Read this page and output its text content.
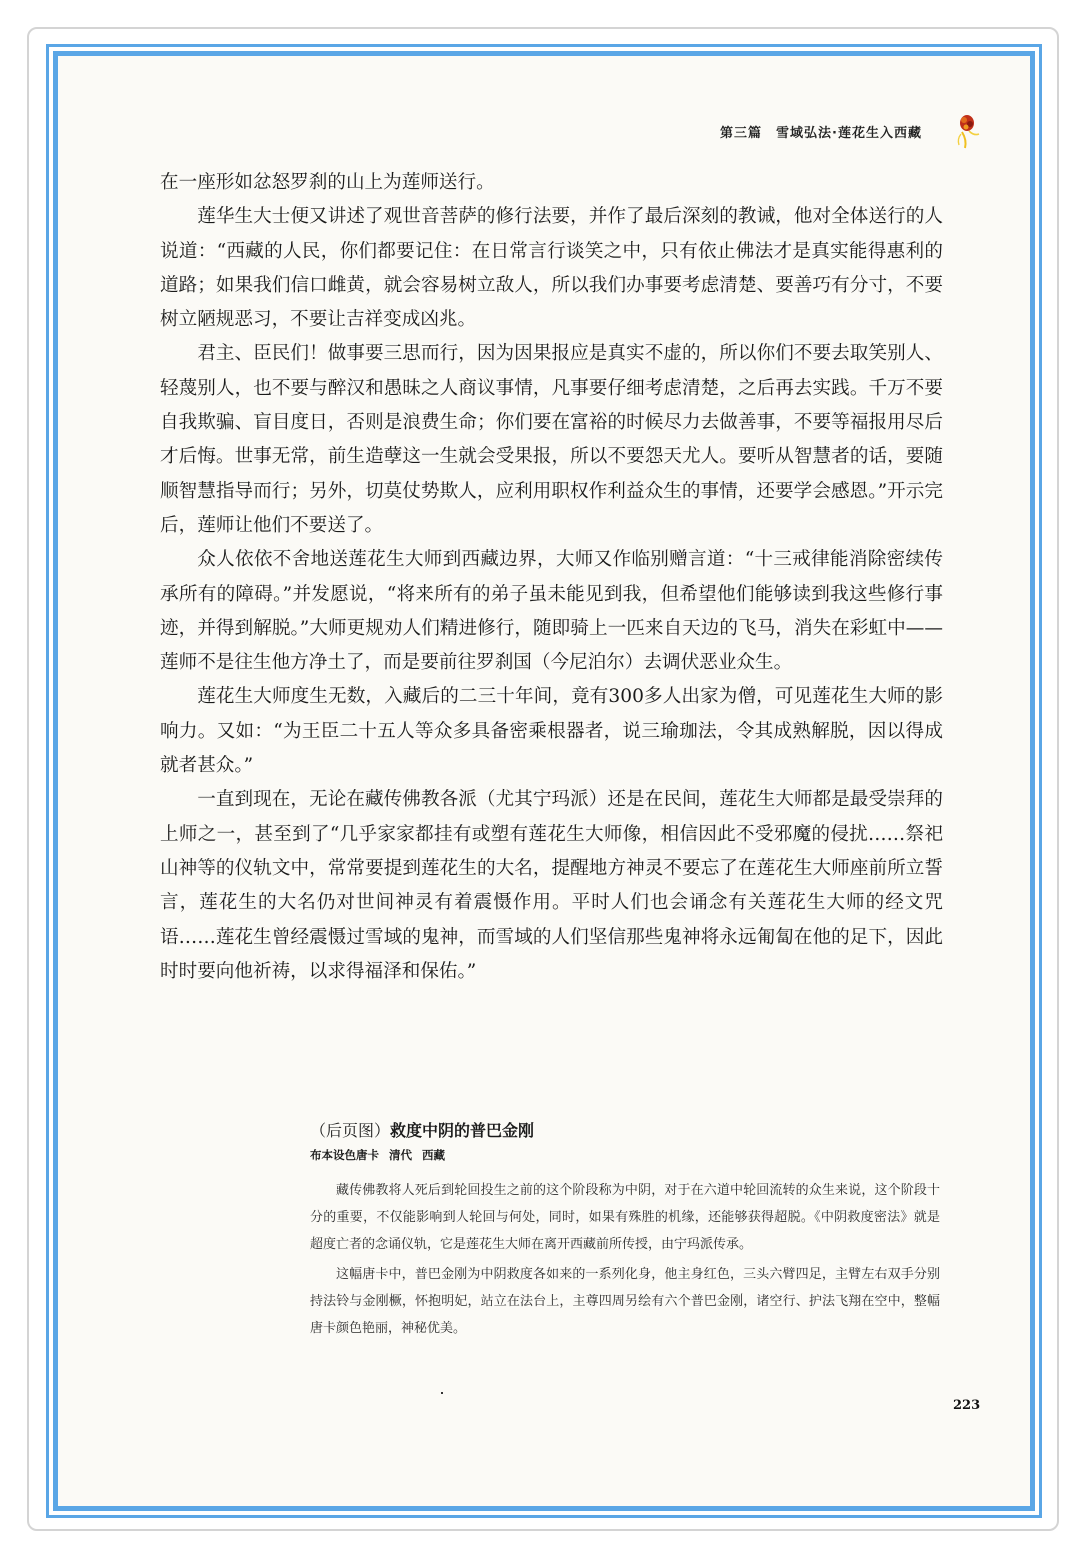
第三篇 雪域弘法·莲花生入西藏

在一座形如忿怒罗刹的山上为莲师送行。

莲华生大士便又讲述了观世音菩萨的修行法要，并作了最后深刻的教诫，他对全体送行的人说道：“西藏的人民，你们都要记住：在日常言行谈笑之中，只有依止佛法才是真实能得惠利的道路；如果我们信口雌黄，就会容易树立敌人，所以我们办事要考虑清楚、要善巧有分寸，不要树立陋规恶习，不要让吉祥变成凶兆。

君主、臣民们！做事要三思而行，因为因果报应是真实不虚的，所以你们不要去取笑别人、轻蔑别人，也不要与醉汉和愚昧之人商议事情，凡事要仔细考虑清楚，之后再去实践。千万不要自我欺骗、盲目度日，否则是浪费生命；你们要在富裕的时候尽力去做善事，不要等福报用尽后才后悔。世事无常，前生造孽这一生就会受果报，所以不要怨天尤人。要听从智慧者的话，要随顺智慧指导而行；另外，切莫仗势欺人，应利用职权作利益众生的事情，还要学会感恩。”开示完后，莲师让他们不要送了。

众人依依不舍地送莲花生大师到西藏边界，大师又作临别赠言道：“十三戒律能消除密续传承所有的障碍。”并发愿说，“将来所有的弟子虽未能见到我，但希望他们能够读到我这些修行事迹，并得到解脱。”大师更规劝人们精进修行，随即骑上一匹来自天边的飞马，消失在彩虹中——莲师不是往生他方净土了，而是要前往罗刹国（今尼泊尔）去调伏恶业众生。

莲花生大师度生无数，入藏后的二三十年间，竟有300多人出家为僧，可见莲花生大师的影响力。又如：“为王臣二十五人等众多具备密乘根器者，说三瑜珈法，令其成熟解脱，因以得成就者甚众。”

一直到现在，无论在藏传佛教各派（尤其宁玛派）还是在民间，莲花生大师都是最受崇拜的上师之一，甚至到了“几乎家家都挂有或塑有莲花生大师像，相信因此不受邪魔的侵扰……祭祀山神等的仪轨文中，常常要提到莲花生的大名，提醒地方神灵不要忘了在莲花生大师座前所立誓言，莲花生的大名仍对世间神灵有着震慑作用。平时人们也会诵念有关莲花生大师的经文咒语……莲花生曾经震慑过雪域的鬼神，而雪域的人们坚信那些鬼神将永远匍匐在他的足下，因此时时要向他祈祷，以求得福泽和保佑。”

（后页图）救度中阴的普巴金刚
布本设色唐卡 清代 西藏

藏传佛教将人死后到轮回投生之前的这个阶段称为中阴，对于在六道中轮回流转的众生来说，这个阶段十分的重要，不仅能影响到人轮回与何处，同时，如果有殊胜的机缘，还能够获得超脱。《中阴救度密法》就是超度亡者的念诵仪轨，它是莲花生大师在离开西藏前所传授，由宁玛派传承。

这幅唐卡中，普巴金刚为中阴救度各如来的一系列化身，他主身红色，三头六臂四足，主臂左右双手分别持法铃与金刚橛，怀抱明妃，站立在法台上，主尊四周另绘有六个普巴金刚，诸空行、护法飞翔在空中，整幅唐卡颜色艳丽，神秘优美。

223
